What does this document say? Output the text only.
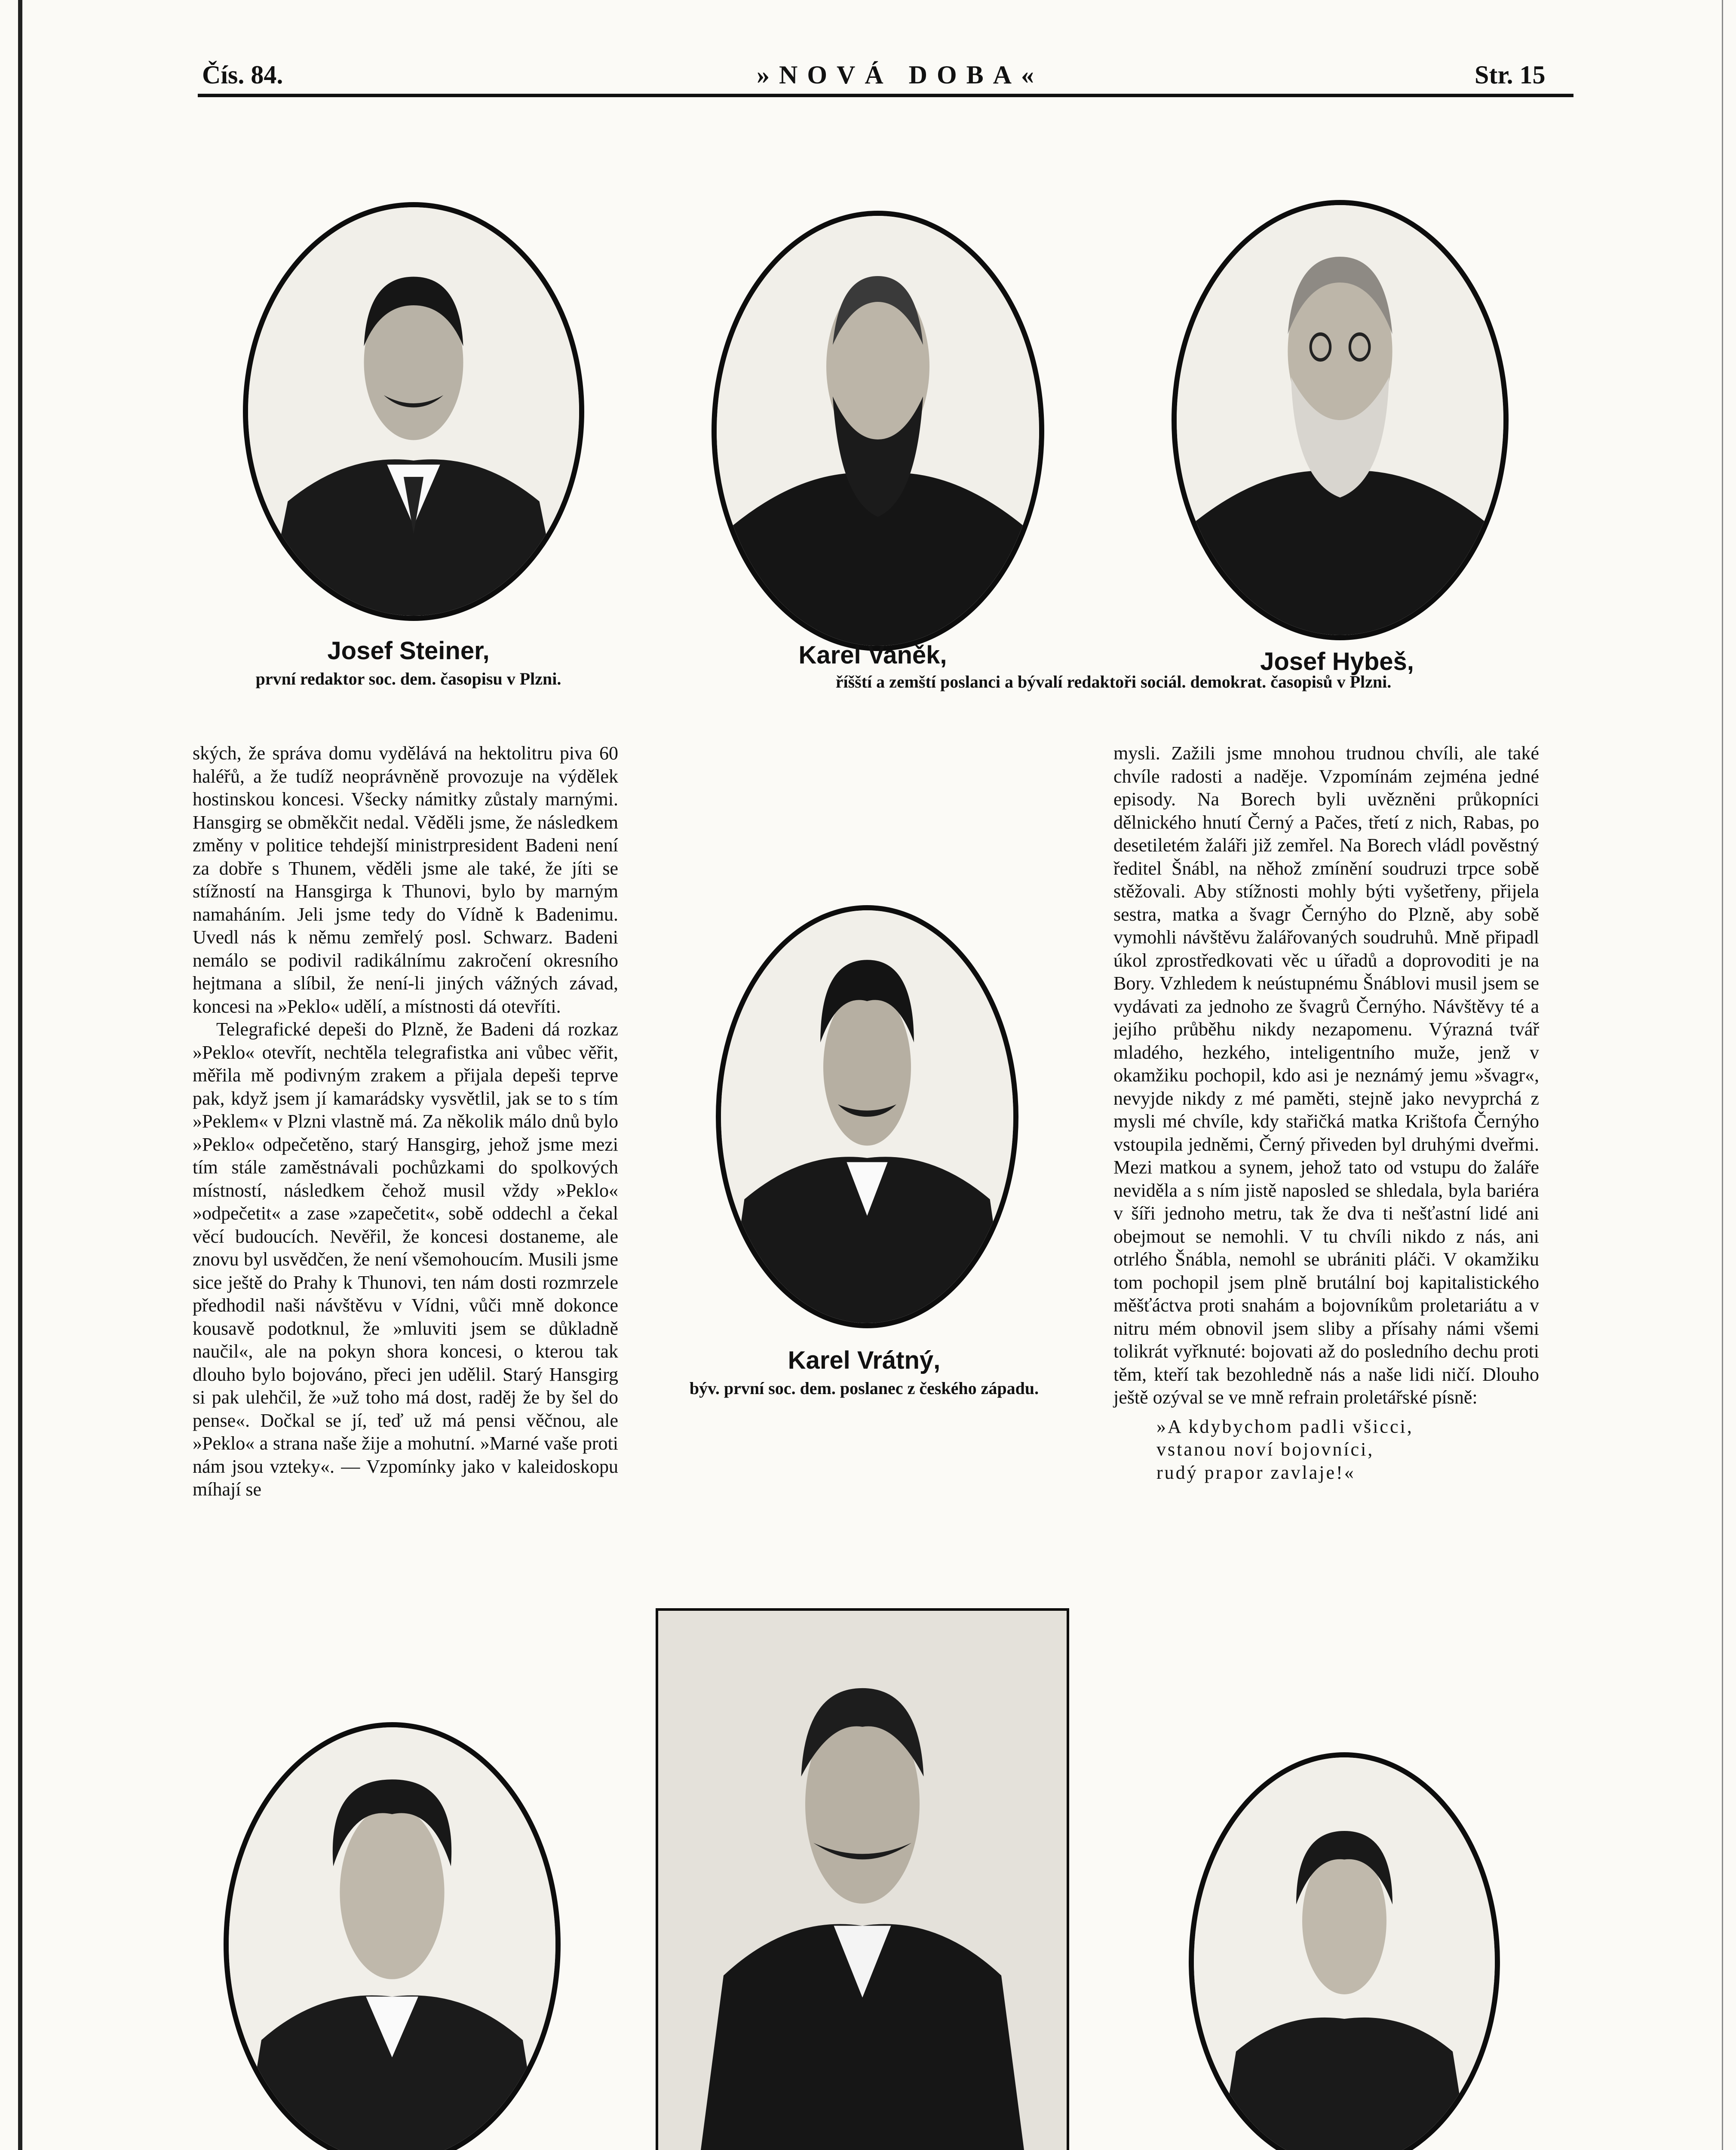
Čís. 84.	»NOVÁ DOBA«	Str. 15
Josef Steiner,
první redaktor soc. dem. časopisu v Plzni.
Karel Vaněk,	Josef Hybeš,
říšští a zemští poslanci a bývalí redaktoři sociál. demokrat. časopisů v Plzni.

ských, že správa domu vydělává na hektolitru piva 60 haléřů, a že tudíž neoprávněně provozuje na výdělek hostinskou koncesi. Všecky námitky zůstaly marnými. Hansgirg se obměkčit nedal. Věděli jsme, že následkem změny v politice tehdejší ministrpresident Badeni není za dobře s Thunem, věděli jsme ale také, že jíti se stížností na Hansgirga k Thunovi, bylo by marným namaháním. Jeli jsme tedy do Vídně k Badenimu. Uvedl nás k němu zemřelý posl. Schwarz. Badeni nemálo se podivil radikálnímu zakročení okresního hejtmana a slíbil, že není-li jiných vážných závad, koncesi na »Peklo« udělí, a místnosti dá otevříti.

Telegrafické depeši do Plzně, že Badeni dá rozkaz »Peklo« otevřít, nechtěla telegrafistka ani vůbec věřit, měřila mě podivným zrakem a přijala depeši teprve pak, když jsem jí kamarádsky vysvětlil, jak se to s tím »Peklem« v Plzni vlastně má. Za několik málo dnů bylo »Peklo« odpečetěno, starý Hansgirg, jehož jsme mezi tím stále zaměstnávali pochůzkami do spolkových místností, následkem čehož musil vždy »Peklo« »odpečetit« a zase »zapečetit«, sobě oddechl a čekal věcí budoucích. Nevěřil, že koncesi dostaneme, ale znovu byl usvědčen, že není všemohoucím. Musili jsme sice ještě do Prahy k Thunovi, ten nám dosti rozmrzele předhodil naši návštěvu v Vídni, vůči mně dokonce kousavě podotknul, že »mluviti jsem se důkladně naučil«, ale na pokyn shora koncesi, o kterou tak dlouho bylo bojováno, přeci jen udělil. Starý Hansgirg si pak ulehčil, že »už toho má dost, raděj že by šel do pense«. Dočkal se jí, teď už má pensi věčnou, ale »Peklo« a strana naše žije a mohutní. »Marné vaše proti nám jsou vzteky«. — Vzpomínky jako v kaleidoskopu míhají se

Karel Vrátný,
býv. první soc. dem. poslanec z českého západu.

mysli. Zažili jsme mnohou trudnou chvíli, ale také chvíle radosti a naděje. Vzpomínám zejména jedné episody. Na Borech byli uvězněni průkopníci dělnického hnutí Černý a Pačes, třetí z nich, Rabas, po desetiletém žaláři již zemřel. Na Borech vládl pověstný ředitel Šnábl, na něhož zmínění soudruzi trpce sobě stěžovali. Aby stížnosti mohly býti vyšetřeny, přijela sestra, matka a švagr Černýho do Plzně, aby sobě vymohli návštěvu žalářovaných soudruhů. Mně připadl úkol zprostředkovati věc u úřadů a doprovoditi je na Bory. Vzhledem k neústupnému Šnáblovi musil jsem se vydávati za jednoho ze švagrů Černýho. Návštěvy té a jejího průběhu nikdy nezapomenu. Výrazná tvář mladého, hezkého, inteligentního muže, jenž v okamžiku pochopil, kdo asi je neznámý jemu »švagr«, nevyjde nikdy z mé paměti, stejně jako nevyprchá z mysli mé chvíle, kdy stařičká matka Krištofa Černýho vstoupila jedněmi, Černý přiveden byl druhými dveřmi. Mezi matkou a synem, jehož tato od vstupu do žaláře neviděla a s ním jistě naposled se shledala, byla bariéra v šíři jednoho metru, tak že dva ti nešťastní lidé ani obejmout se nemohli. V tu chvíli nikdo z nás, ani otrlého Šnábla, nemohl se ubrániti pláči. V okamžiku tom pochopil jsem plně brutální boj kapitalistického měšťáctva proti snahám a bojovníkům proletariátu a v nitru mém obnovil jsem sliby a přísahy námi všemi tolikrát vyřknuté: bojovati až do posledního dechu proti těm, kteří tak bezohledně nás a naše lidi ničí. Dlouho ještě ozýval se ve mně refrain proletářské písně:

»A kdybychom padli všicci,
vstanou noví bojovníci,
rudý prapor zavlaje!«
